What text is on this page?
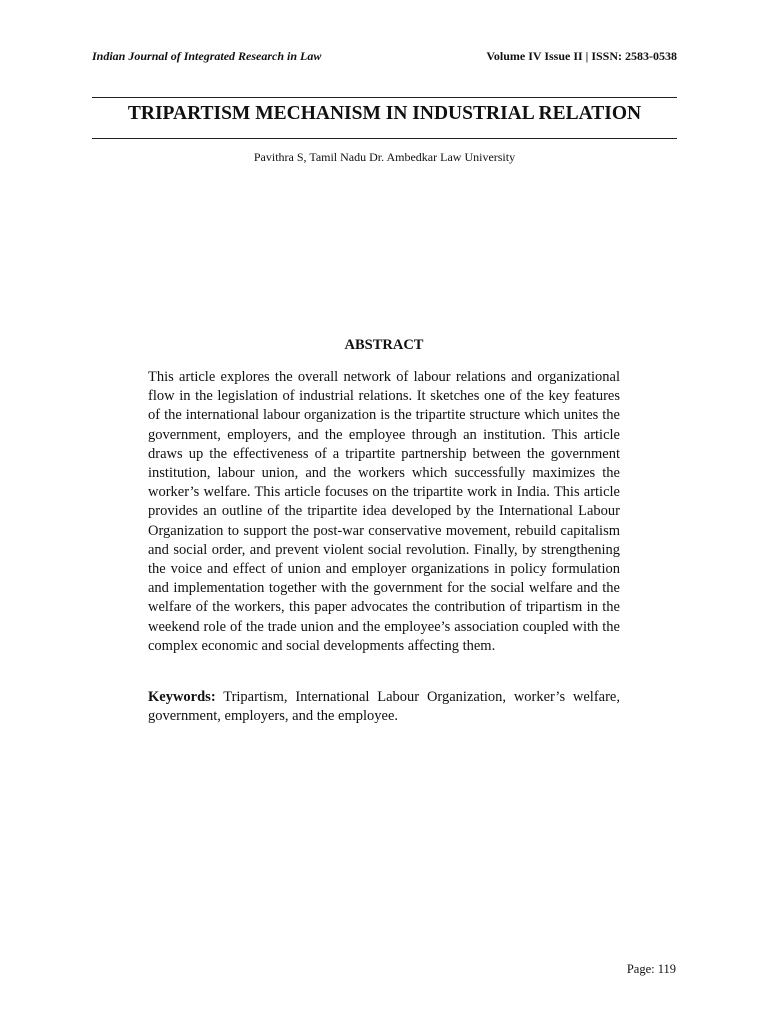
Indian Journal of Integrated Research in Law	Volume IV Issue II | ISSN: 2583-0538
TRIPARTISM MECHANISM IN INDUSTRIAL RELATION
Pavithra S, Tamil Nadu Dr. Ambedkar Law University
ABSTRACT

This article explores the overall network of labour relations and organizational flow in the legislation of industrial relations. It sketches one of the key features of the international labour organization is the tripartite structure which unites the government, employers, and the employee through an institution. This article draws up the effectiveness of a tripartite partnership between the government institution, labour union, and the workers which successfully maximizes the worker’s welfare. This article focuses on the tripartite work in India. This article provides an outline of the tripartite idea developed by the International Labour Organization to support the post-war conservative movement, rebuild capitalism and social order, and prevent violent social revolution. Finally, by strengthening the voice and effect of union and employer organizations in policy formulation and implementation together with the government for the social welfare and the welfare of the workers, this paper advocates the contribution of tripartism in the weekend role of the trade union and the employee’s association coupled with the complex economic and social developments affecting them.

Keywords: Tripartism, International Labour Organization, worker’s welfare, government, employers, and the employee.

Page: 119
